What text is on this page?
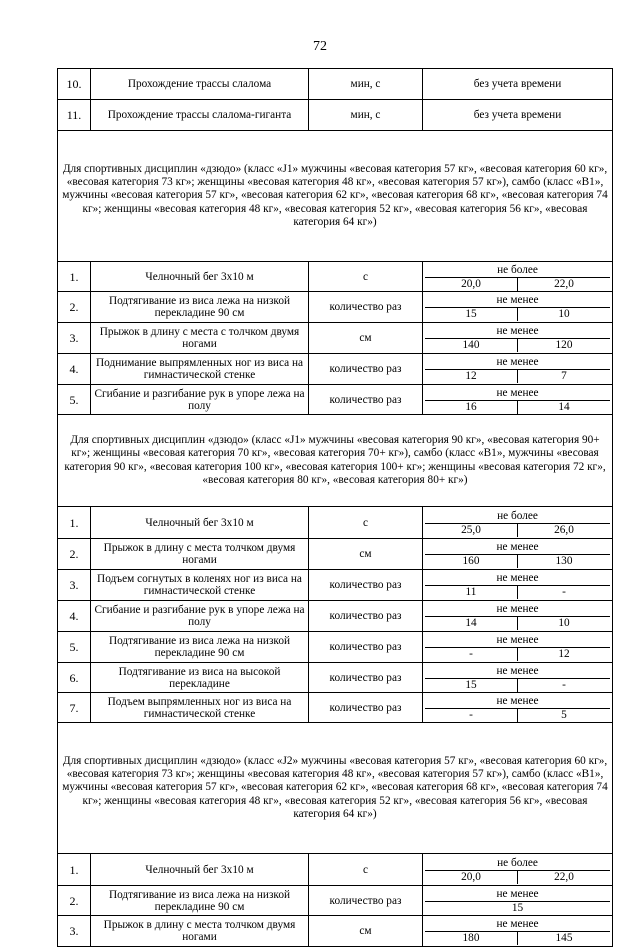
72
10.	Прохождение трассы слалома	мин, с	без учета времени
11.	Прохождение трассы слалома-гиганта	мин, с	без учета времени
Для спортивных дисциплин «дзюдо» (класс «J1» мужчины «весовая категория 57 кг», «весовая категория 60 кг», «весовая категория 73 кг»; женщины «весовая категория 48 кг», «весовая категория 57 кг»), самбо (класс «В1», мужчины «весовая категория 57 кг», «весовая категория 62 кг», «весовая категория 68 кг», «весовая категория 74 кг»; женщины «весовая категория 48 кг», «весовая категория 52 кг», «весовая категория 56 кг», «весовая категория 64 кг»)			
1.	Челночный бег 3х10 м	с	не более
20,0 22,0

2.	Подтягивание из виса лежа на низкой перекладине 90 см	количество раз	не менее
15 10

3.	Прыжок в длину с места с толчком двумя ногами	см	не менее
140 120

4.	Поднимание выпрямленных ног из виса на гимнастической стенке	количество раз	не менее
12 7

5.	Сгибание и разгибание рук в упоре лежа на полу	количество раз	не менее
16 14

Для спортивных дисциплин «дзюдо» (класс «J1» мужчины «весовая категория 90 кг», «весовая категория 90+ кг»; женщины «весовая категория 70 кг», «весовая категория 70+ кг»), самбо (класс «В1», мужчины «весовая категория 90 кг», «весовая категория 100 кг», «весовая категория 100+ кг»; женщины «весовая категория 72 кг», «весовая категория 80 кг», «весовая категория 80+ кг»)			
1.	Челночный бег 3х10 м	с	не более
25,0 26,0

2.	Прыжок в длину с места толчком двумя ногами	см	не менее
160 130

3.	Подъем согнутых в коленях ног из виса на гимнастической стенке	количество раз	не менее
11 -

4.	Сгибание и разгибание рук в упоре лежа на полу	количество раз	не менее
14 10

5.	Подтягивание из виса лежа на низкой перекладине 90 см	количество раз	не менее
- 12

6.	Подтягивание из виса на высокой перекладине	количество раз	не менее
15 -

7.	Подъем выпрямленных ног из виса на гимнастической стенке	количество раз	не менее
- 5

Для спортивных дисциплин «дзюдо» (класс «J2» мужчины «весовая категория 57 кг», «весовая категория 60 кг», «весовая категория 73 кг»; женщины «весовая категория 48 кг», «весовая категория 57 кг»), самбо (класс «В1», мужчины «весовая категория 57 кг», «весовая категория 62 кг», «весовая категория 68 кг», «весовая категория 74 кг»; женщины «весовая категория 48 кг», «весовая категория 52 кг», «весовая категория 56 кг», «весовая категория 64 кг»)			
1.	Челночный бег 3х10 м	с	не более
20,0 22,0

2.	Подтягивание из виса лежа на низкой перекладине 90 см	количество раз	не менее
15

3.	Прыжок в длину с места толчком двумя ногами	см	не менее
180 145
